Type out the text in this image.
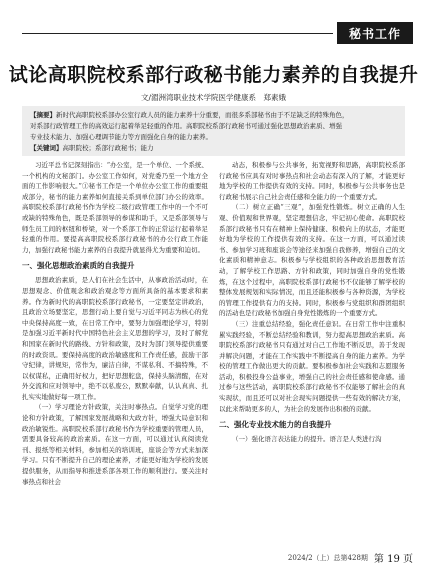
秘书工作
试论高职院校系部行政秘书能力素养的自我提升
文/湄洲湾职业技术学院医学健康系　郑素娥
【摘要】新时代高职院校系部办公室行政人员的能力素养十分重要，而很多系部秘书由于不足缺乏的特殊角色，
对系部行政管理工作的高效运行起着举足轻重的作用。高职院校系部行政秘书可通过强化思想政治素质、增强
专业技术能力、加强心理调节能力等方面强化自身的能力素养。
【关键词】高职院校；系部行政秘书；能力

习近平总书记深刻指出：“办公室，是一个单位、一个系统、一个机构的文秘部门。办公室工作如何，对党委乃至一个地方全面的工作影响很大。”①秘书工作是一个单位办公室工作的重要组成部分，秘书的能力素养如何直接关系到单位部门办公的效率。高职院校系部行政秘书作为学校二级行政管理工作中的一个不可或缺的特殊角色，既是系部领导的参谋和助手，又是系部领导与师生员工间的枢纽和桥梁，对一个系部工作的正常运行起着举足轻重的作用。要提高高职院校系部行政秘书的办公行政工作能力，加强行政秘书能力素养的自我提升就显得尤为重要和迫切。

一、强化思想政治素质的自我提升

思想政治素质，是人们在社会生活中，从事政治活动时，在思想观念、价值观念和政治观念等方面所具备的基本要求和素养。作为新时代的高职院校系部行政秘书，一定要坚定讲政治，且政治立场要坚定，思想行动上要自觉与习近平同志为核心的党中央保持高度一致，在日常工作中，要努力加强理论学习，特别是加强习近平新时代中国特色社会主义思想的学习，及时了解党和国家在新时代的路线、方针和政策，及时为部门领导提供重要的时政资讯。要保持高度的政治敏感度和工作责任感，鼓励干部守纪律，讲规矩，常作为，廉洁自律，不谋私利、不搞特殊，不以权谋私，正确用好权力，把好思想舵盘，保持头脑清醒，在对外交流和应对领导中，绝不以私废公，默默奉献，认认真真、扎扎实实地做好每一项工作。

（一）学习理论方针政策，关注时事热点。自觉学习党的理论和方针政策，了解国家发展战略和大政方针，增强大局意识和政治敏锐性。高职院校系部行政秘书作为学校重要的管理人员，需要具备较高的政治素质。在这一方面，可以通过认真阅读党刊、报纸等相关材料，参加相关的培训班，座谈会等方式来加深学习。只有不断提升自己的理论素养，才能更好地为学校的发展提供服务，从而指导和推进系部各项工作的顺利进行。要关注时事热点和社会

动态，积极参与公共事务，拓宽视野和思路，高职院校系部行政秘书应具有对时事热点和社会动态有深入的了解，才能更好地为学校的工作提供有效的支持。同时，积极参与公共事务也是行政秘书展示自己社会责任感和全能力的一个重要方式。

（二）树立正确“三观”，加强党性锻炼。树立正确的人生观、价值观和世界观，坚定理想信念，牢记初心使命。高职院校系部行政秘书只有在精神上保持健康、积极向上的状态，才能更好地为学校的工作提供有效的支持。在这一方面，可以通过读书、参加学习班和座谈会等途径来加强自我修养，增强自己的文化素质和精神意志。积极参与学校组织的各种政治思想教育活动，了解学校工作思路、方针和政策，同时加强自身的党性锻炼，在这个过程中，高职院校系部行政秘书不仅能够了解学校的整体发展规划和实际情况，而且还能积极参与各种资源，为学校的管理工作提供有力的支持。同时，积极参与党组织和群团组织的活动也是行政秘书加强自身党性锻炼的一个重要方式。

（三）注重总结经验，强化责任意识。在日常工作中注重积累实践经验，不断总结经验和教训，努力提高思想政治素质。高职院校系部行政秘书只有通过对自己工作地不断反思，善于发现并解决问题，才能在工作实践中不断提高自身的能力素养。为学校的管理工作做出更大的贡献。要积极参加社会实践和志愿服务活动，积极投身公益事业，增强自己的社会责任感和使命感。通过参与这些活动，高职院校系部行政秘书不仅能够了解社会的真实现状，而且还可以对社会现实问题提供一些有效的解决方案，以此来帮助更多的人，为社会的发展作出积极的贡献。

二、强化专业技术能力的自我提升

（一）强化语言表达能力的提升。语言是人类进行沟

2024/2（上）总第428期 第 19 页
